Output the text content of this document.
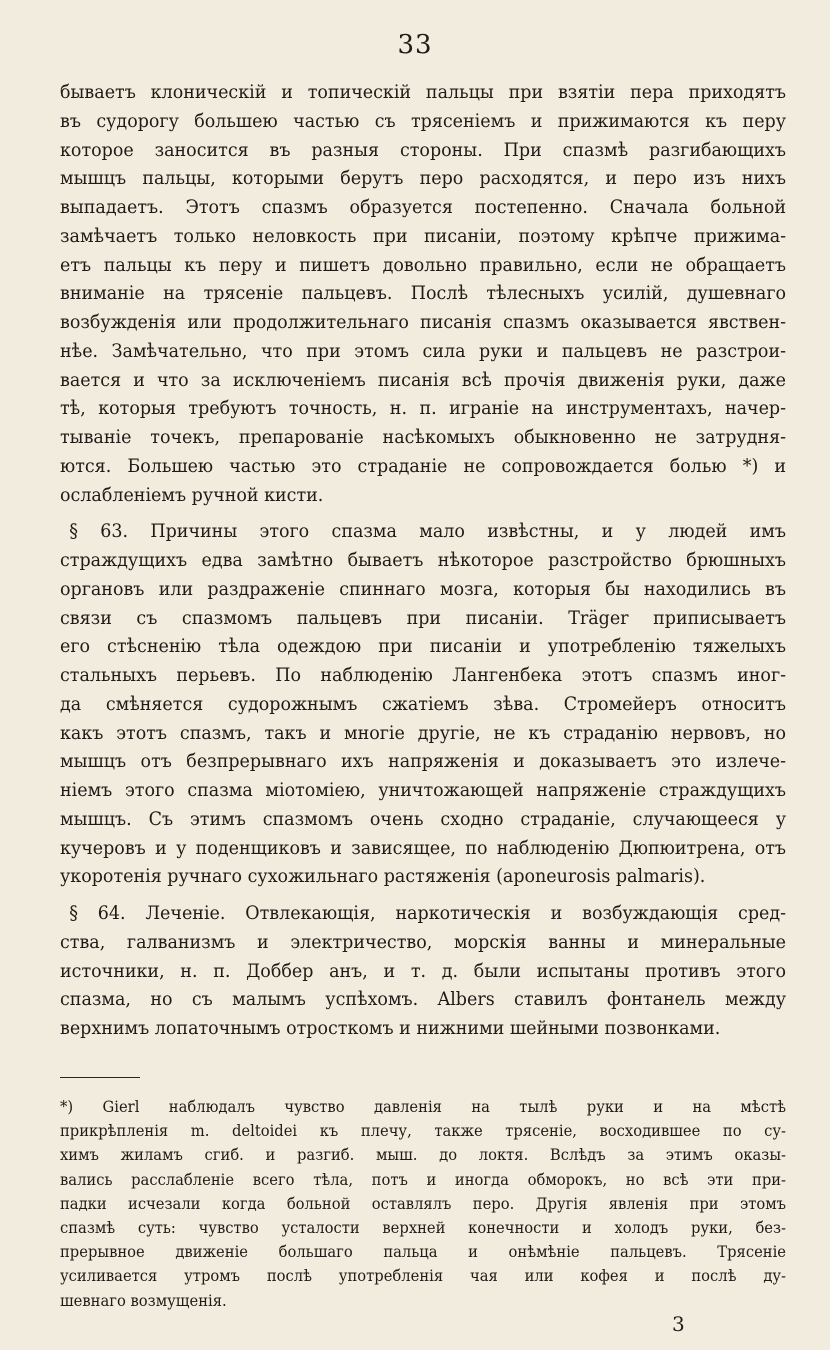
33
бываетъ клоническій и топическій пальцы при взятіи пера приходятъ
въ судорогу большею частью съ трясеніемъ и прижимаются къ перу
которое заносится въ разныя стороны. При спазмѣ разгибающихъ
мышцъ пальцы, которыми берутъ перо расходятся, и перо изъ нихъ
выпадаетъ. Этотъ спазмъ образуется постепенно. Сначала больной
замѣчаетъ только неловкость при писаніи, поэтому крѣпче прижима-
етъ пальцы къ перу и пишетъ довольно правильно, если не обращаетъ
вниманіе на трясеніе пальцевъ. Послѣ тѣлесныхъ усилій, душевнаго
возбужденія или продолжительнаго писанія спазмъ оказывается явствен-
нѣе. Замѣчательно, что при этомъ сила руки и пальцевъ не разстрои-
вается и что за исключеніемъ писанія всѣ прочія движенія руки, даже
тѣ, которыя требуютъ точность, н. п. играніе на инструментахъ, начер-
тываніе точекъ, препарованіе насѣкомыхъ обыкновенно не затрудня-
ются. Большею частью это страданіе не сопровождается болью *) и
ослабленіемъ ручной кисти.
§ 63. Причины этого спазма мало извѣстны, и у людей имъ
страждущихъ едва замѣтно бываетъ нѣкоторое разстройство брюшныхъ
органовъ или раздраженіе спиннаго мозга, которыя бы находились въ
связи съ спазмомъ пальцевъ при писаніи. Träger приписываетъ
его стѣсненію тѣла одеждою при писаніи и употребленію тяжелыхъ
стальныхъ перьевъ. По наблюденію Лангенбека этотъ спазмъ иног-
да смѣняется судорожнымъ сжатіемъ зѣва. Стромейеръ относитъ
какъ этотъ спазмъ, такъ и многіе другіе, не къ страданію нервовъ, но
мышцъ отъ безпрерывнаго ихъ напряженія и доказываетъ это излече-
ніемъ этого спазма міотоміею, уничтожающей напряженіе страждущихъ
мышцъ. Съ этимъ спазмомъ очень сходно страданіе, случающееся у
кучеровъ и у поденщиковъ и зависящее, по наблюденію Дюпюитрена, отъ
укоротенія ручнаго сухожильнаго растяженія (aponeurosis palmaris).
§ 64. Леченіе. Отвлекающія, наркотическія и возбуждающія сред-
ства, галванизмъ и электричество, морскія ванны и минеральные
источники, н. п. Доббер анъ, и т. д. были испытаны противъ этого
спазма, но съ малымъ успѣхомъ. Albers ставилъ фонтанель между
верхнимъ лопаточнымъ отросткомъ и нижними шейными позвонками.
*) Gierl наблюдалъ чувство давленія на тылѣ руки и на мѣстѣ
прикрѣпленія m. deltoidei къ плечу, также трясеніе, восходившее по су-
химъ жиламъ сгиб. и разгиб. мыш. до локтя. Вслѣдъ за этимъ оказы-
вались расслабленіе всего тѣла, потъ и иногда обморокъ, но всѣ эти при-
падки исчезали когда больной оставлялъ перо. Другія явленія при этомъ
спазмѣ суть: чувство усталости верхней конечности и холодъ руки, без-
прерывное движеніе большаго пальца и онѣмѣніе пальцевъ. Трясеніе
усиливается утромъ послѣ употребленія чая или кофея и послѣ ду-
шевнаго возмущенія.
3
